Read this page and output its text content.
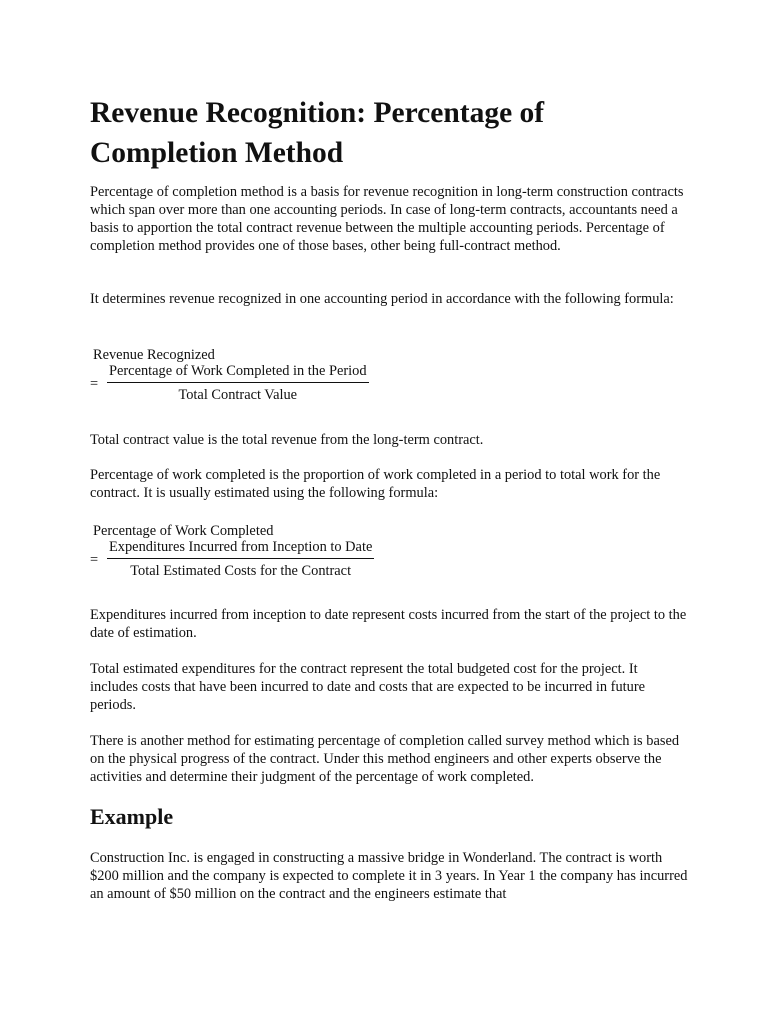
Revenue Recognition: Percentage of Completion Method

Percentage of completion method is a basis for revenue recognition in long-term construction contracts which span over more than one accounting periods. In case of long-term contracts, accountants need a basis to apportion the total contract revenue between the multiple accounting periods. Percentage of completion method provides one of those bases, other being full-contract method.

It determines revenue recognized in one accounting period in accordance with the following formula:

Revenue Recognized
=
Percentage of Work Completed in the Period
Total Contract Value

Total contract value is the total revenue from the long-term contract.

Percentage of work completed is the proportion of work completed in a period to total work for the contract. It is usually estimated using the following formula:

Percentage of Work Completed
=
Expenditures Incurred from Inception to Date
Total Estimated Costs for the Contract

Expenditures incurred from inception to date represent costs incurred from the start of the project to the date of estimation.

Total estimated expenditures for the contract represent the total budgeted cost for the project. It includes costs that have been incurred to date and costs that are expected to be incurred in future periods.

There is another method for estimating percentage of completion called survey method which is based on the physical progress of the contract. Under this method engineers and other experts observe the activities and determine their judgment of the percentage of work completed.

Example

Construction Inc. is engaged in constructing a massive bridge in Wonderland. The contract is worth $200 million and the company is expected to complete it in 3 years. In Year 1 the company has incurred an amount of $50 million on the contract and the engineers estimate that
